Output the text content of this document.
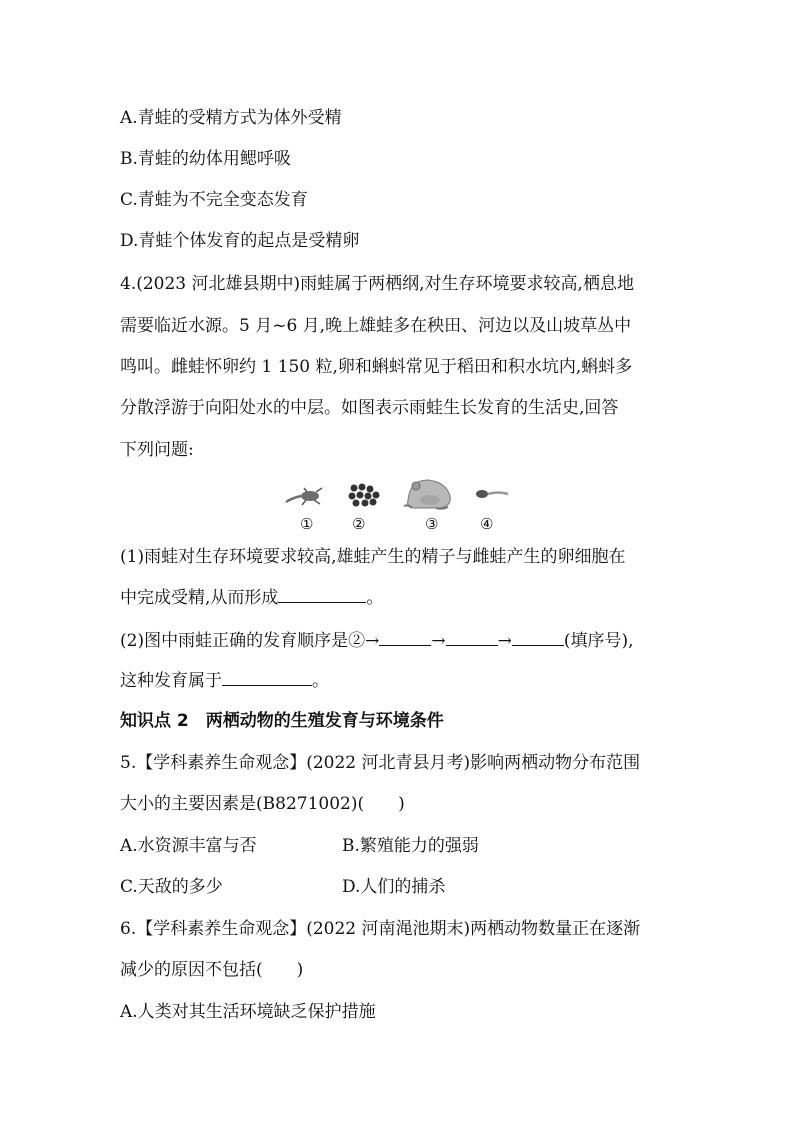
A.青蛙的受精方式为体外受精
B.青蛙的幼体用鳃呼吸
C.青蛙为不完全变态发育
D.青蛙个体发育的起点是受精卵
4.(2023 河北雄县期中)雨蛙属于两栖纲,对生存环境要求较高,栖息地
需要临近水源。5 月~6 月,晚上雄蛙多在秧田、河边以及山坡草丛中
鸣叫。雌蛙怀卵约 1 150 粒,卵和蝌蚪常见于稻田和积水坑内,蝌蚪多
分散浮游于向阳处水的中层。如图表示雨蛙生长发育的生活史,回答
下列问题:
①	②	③	④
(1)雨蛙对生存环境要求较高,雄蛙产生的精子与雌蛙产生的卵细胞在
中完成受精,从而形成	。
(2)图中雨蛙正确的发育顺序是②→	→	→	(填序号),
这种发育属于	。
知识点 2　两栖动物的生殖发育与环境条件
5.【学科素养生命观念】(2022 河北青县月考)影响两栖动物分布范围
大小的主要因素是(B8271002)( )
A.水资源丰富与否	B.繁殖能力的强弱
C.天敌的多少	D.人们的捕杀
6.【学科素养生命观念】(2022 河南渑池期末)两栖动物数量正在逐渐
减少的原因不包括( )
A.人类对其生活环境缺乏保护措施
